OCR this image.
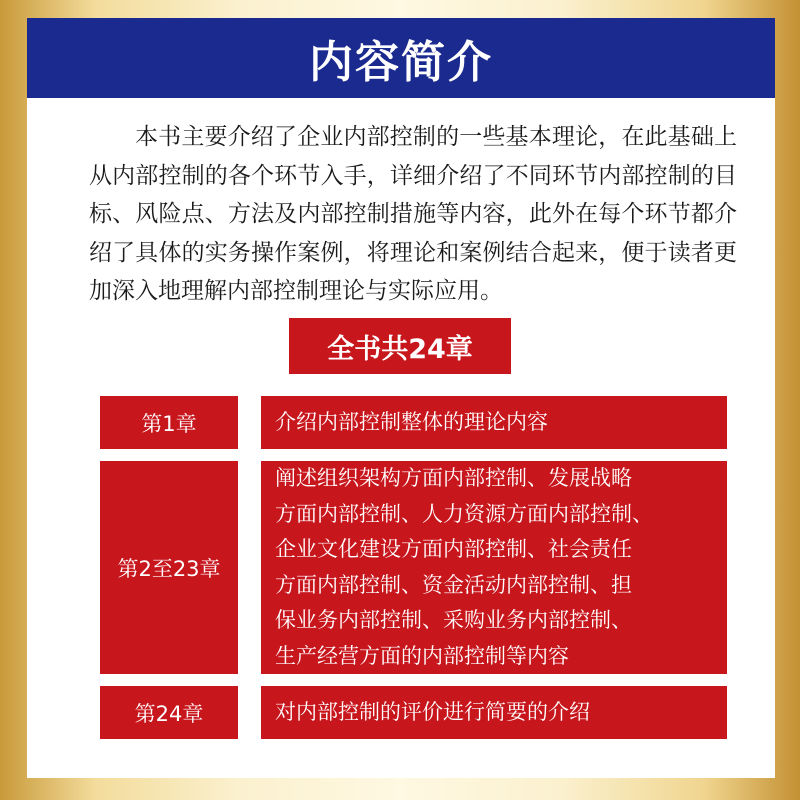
内容简介
本书主要介绍了企业内部控制的一些基本理论，在此基础上从内部控制的各个环节入手，详细介绍了不同环节内部控制的目标、风险点、方法及内部控制措施等内容，此外在每个环节都介绍了具体的实务操作案例，将理论和案例结合起来，便于读者更加深入地理解内部控制理论与实际应用。
全书共24章
第1章	介绍内部控制整体的理论内容
第2至23章
阐述组织架构方面内部控制、发展战略
方面内部控制、人力资源方面内部控制、
企业文化建设方面内部控制、社会责任
方面内部控制、资金活动内部控制、担
保业务内部控制、采购业务内部控制、
生产经营方面的内部控制等内容
第24章	对内部控制的评价进行简要的介绍
